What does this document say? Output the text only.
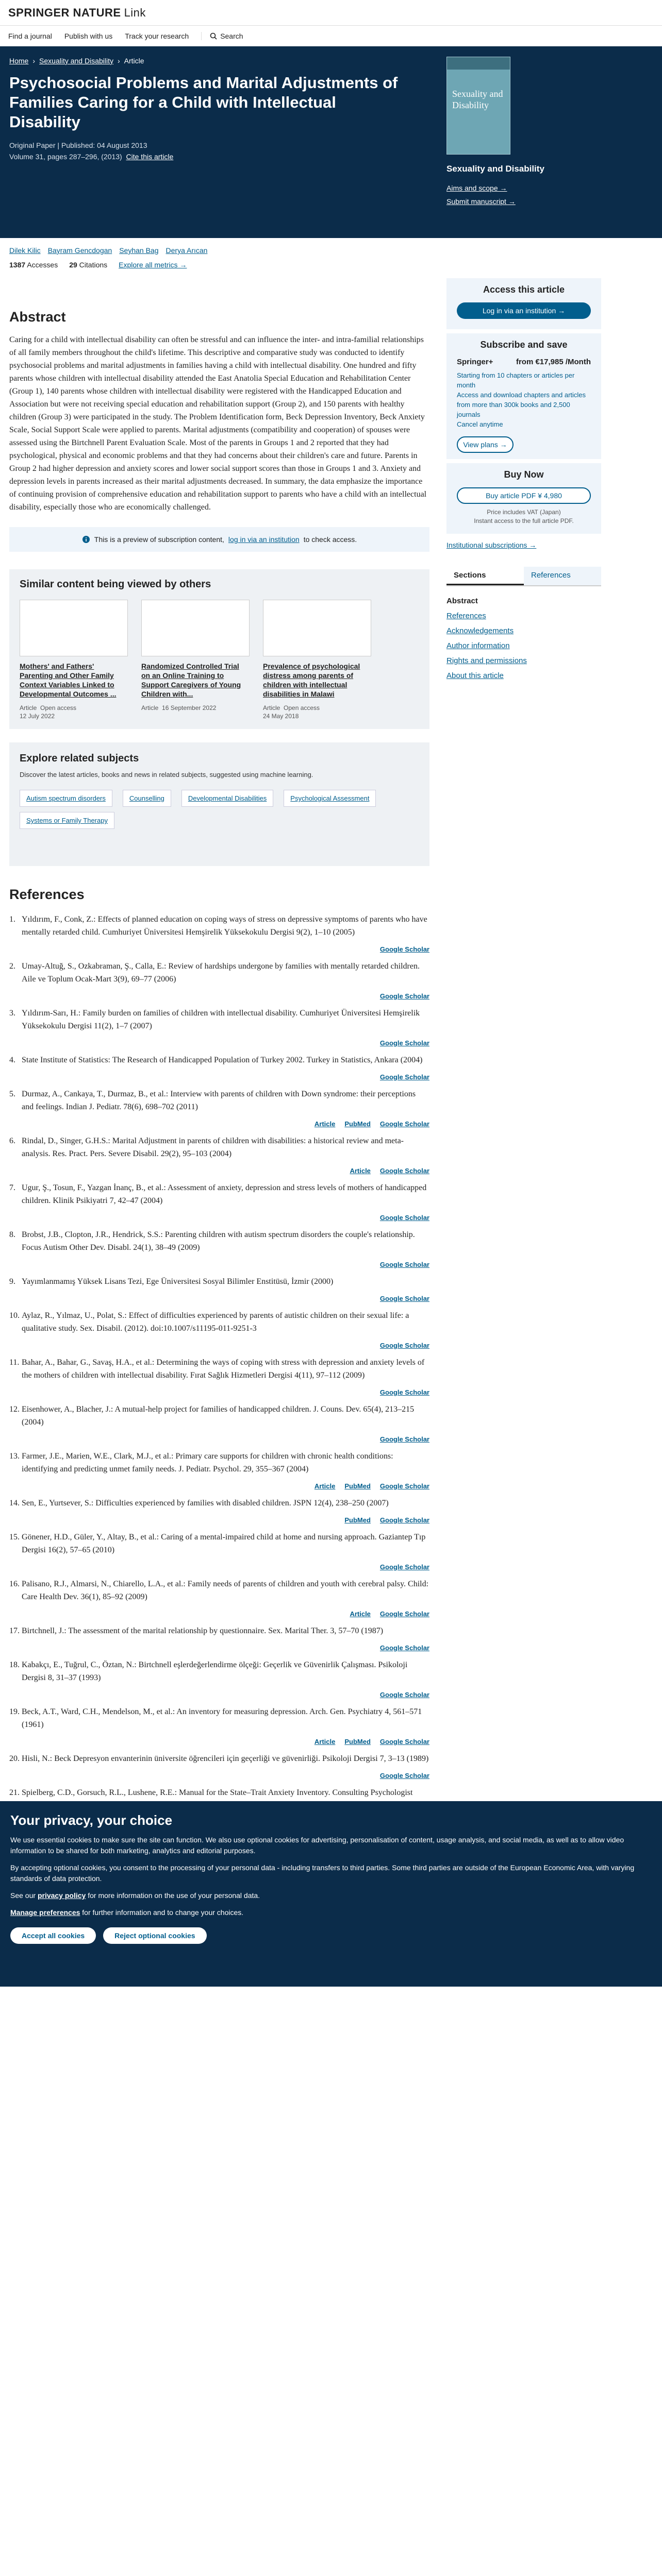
SPRINGER NATURE Link
Find a journal Publish with us Track your research	Search
Home › Sexuality and Disability › Article
Psychosocial Problems and Marital Adjustments of Families Caring for a Child with Intellectual Disability
Original Paper | Published: 04 August 2013
Volume 31, pages 287–296, (2013) Cite this article
Sexuality and Disability
Sexuality and Disability
Aims and scope →
Submit manuscript →
Dilek Kilic Bayram Gencdogan Seyhan Bag Derya Arıcan
1387 Accesses 29 Citations Explore all metrics →
Abstract

Caring for a child with intellectual disability can often be stressful and can influence the inter- and intra-familial relationships of all family members throughout the child's lifetime. This descriptive and comparative study was conducted to identify psychosocial problems and marital adjustments in families having a child with intellectual disability. One hundred and fifty parents whose children with intellectual disability attended the East Anatolia Special Education and Rehabilitation Center (Group 1), 140 parents whose children with intellectual disability were registered with the Handicapped Education and Association but were not receiving special education and rehabilitation support (Group 2), and 150 parents with healthy children (Group 3) were participated in the study. The Problem Identification form, Beck Depression Inventory, Beck Anxiety Scale, Social Support Scale were applied to parents. Marital adjustments (compatibility and cooperation) of spouses were assessed using the Birtchnell Parent Evaluation Scale. Most of the parents in Groups 1 and 2 reported that they had psychological, physical and economic problems and that they had concerns about their children's care and future. Parents in Group 2 had higher depression and anxiety scores and lower social support scores than those in Groups 1 and 3. Anxiety and depression levels in parents increased as their marital adjustments decreased. In summary, the data emphasize the importance of continuing provision of comprehensive education and rehabilitation support to parents who have a child with an intellectual disability, especially those who are economically challenged.

This is a preview of subscription content, log in via an institution to check access.
Similar content being viewed by others
Mothers' and Fathers' Parenting and Other Family Context Variables Linked to Developmental Outcomes ...
Article Open access
12 July 2022
Randomized Controlled Trial on an Online Training to Support Caregivers of Young Children with...
Article 16 September 2022
Prevalence of psychological distress among parents of children with intellectual disabilities in Malawi
Article Open access
24 May 2018
Explore related subjects

Discover the latest articles, books and news in related subjects, suggested using machine learning.

Autism spectrum disorders	Counselling	Developmental Disabilities	Psychological Assessment
Systems or Family Therapy
References
1. Yıldırım, F., Conk, Z.: Effects of planned education on coping ways of stress on depressive symptoms of parents who have mentally retarded child. Cumhuriyet Üniversitesi Hemşirelik Yüksekokulu Dergisi 9(2), 1–10 (2005)
Google Scholar
2. Umay-Altuğ, S., Ozkabraman, Ş., Calla, E.: Review of hardships undergone by families with mentally retarded children. Aile ve Toplum Ocak-Mart 3(9), 69–77 (2006)
Google Scholar
3. Yıldırım-Sarı, H.: Family burden on families of children with intellectual disability. Cumhuriyet Üniversitesi Hemşirelik Yüksekokulu Dergisi 11(2), 1–7 (2007)
Google Scholar
4. State Institute of Statistics: The Research of Handicapped Population of Turkey 2002. Turkey in Statistics, Ankara (2004)
Google Scholar
5. Durmaz, A., Cankaya, T., Durmaz, B., et al.: Interview with parents of children with Down syndrome: their perceptions and feelings. Indian J. Pediatr. 78(6), 698–702 (2011)
Article PubMed Google Scholar
6. Rindal, D., Singer, G.H.S.: Marital Adjustment in parents of children with disabilities: a historical review and meta-analysis. Res. Pract. Pers. Severe Disabil. 29(2), 95–103 (2004)
Article Google Scholar
7. Ugur, Ş., Tosun, F., Yazgan İnanç, B., et al.: Assessment of anxiety, depression and stress levels of mothers of handicapped children. Klinik Psikiyatri 7, 42–47 (2004)
Google Scholar
8. Brobst, J.B., Clopton, J.R., Hendrick, S.S.: Parenting children with autism spectrum disorders the couple's relationship. Focus Autism Other Dev. Disabl. 24(1), 38–49 (2009)
Google Scholar
9. Yayımlanmamış Yüksek Lisans Tezi, Ege Üniversitesi Sosyal Bilimler Enstitüsü, İzmir (2000)
Google Scholar
10. Aylaz, R., Yılmaz, U., Polat, S.: Effect of difficulties experienced by parents of autistic children on their sexual life: a qualitative study. Sex. Disabil. (2012). doi:10.1007/s11195-011-9251-3
Google Scholar
11. Bahar, A., Bahar, G., Savaş, H.A., et al.: Determining the ways of coping with stress with depression and anxiety levels of the mothers of children with intellectual disability. Fırat Sağlık Hizmetleri Dergisi 4(11), 97–112 (2009)
Google Scholar
12. Eisenhower, A., Blacher, J.: A mutual-help project for families of handicapped children. J. Couns. Dev. 65(4), 213–215 (2004)
Google Scholar
13. Farmer, J.E., Marien, W.E., Clark, M.J., et al.: Primary care supports for children with chronic health conditions: identifying and predicting unmet family needs. J. Pediatr. Psychol. 29, 355–367 (2004)
Article PubMed Google Scholar
14. Sen, E., Yurtsever, S.: Difficulties experienced by families with disabled children. JSPN 12(4), 238–250 (2007)
PubMed Google Scholar
15. Gönener, H.D., Güler, Y., Altay, B., et al.: Caring of a mental-impaired child at home and nursing approach. Gaziantep Tıp Dergisi 16(2), 57–65 (2010)
Google Scholar
16. Palisano, R.J., Almarsi, N., Chiarello, L.A., et al.: Family needs of parents of children and youth with cerebral palsy. Child: Care Health Dev. 36(1), 85–92 (2009)
Article Google Scholar
17. Birtchnell, J.: The assessment of the marital relationship by questionnaire. Sex. Marital Ther. 3, 57–70 (1987)
Google Scholar
18. Kabakçı, E., Tuğrul, C., Öztan, N.: Birtchnell eşlerdeğerlendirme ölçeği: Geçerlik ve Güvenirlik Çalışması. Psikoloji Dergisi 8, 31–37 (1993)
Google Scholar
19. Beck, A.T., Ward, C.H., Mendelson, M., et al.: An inventory for measuring depression. Arch. Gen. Psychiatry 4, 561–571 (1961)
Article PubMed Google Scholar
20. Hisli, N.: Beck Depresyon envanterinin üniversite öğrencileri için geçerliği ve güvenirliği. Psikoloji Dergisi 7, 3–13 (1989)
Google Scholar
21. Spielberg, C.D., Gorsuch, R.L., Lushene, R.E.: Manual for the State–Trait Anxiety Inventory. Consulting Psychologist
Access this article
Log in via an institution →
Subscribe and save
Springer+	from €17,985 /Month
Starting from 10 chapters or articles per month
Access and download chapters and articles from more than 300k books and 2,500 journals
Cancel anytime
View plans →
Buy Now
Buy article PDF ¥ 4,980
Price includes VAT (Japan)
Instant access to the full article PDF.
Institutional subscriptions →
Sections	References
Abstract
References
Acknowledgements
Author information
Rights and permissions
About this article
Your privacy, your choice

We use essential cookies to make sure the site can function. We also use optional cookies for advertising, personalisation of content, usage analysis, and social media, as well as to allow video information to be shared for both marketing, analytics and editorial purposes.

By accepting optional cookies, you consent to the processing of your personal data - including transfers to third parties. Some third parties are outside of the European Economic Area, with varying standards of data protection.

See our privacy policy for more information on the use of your personal data.

Manage preferences for further information and to change your choices.

Accept all cookies	Reject optional cookies
